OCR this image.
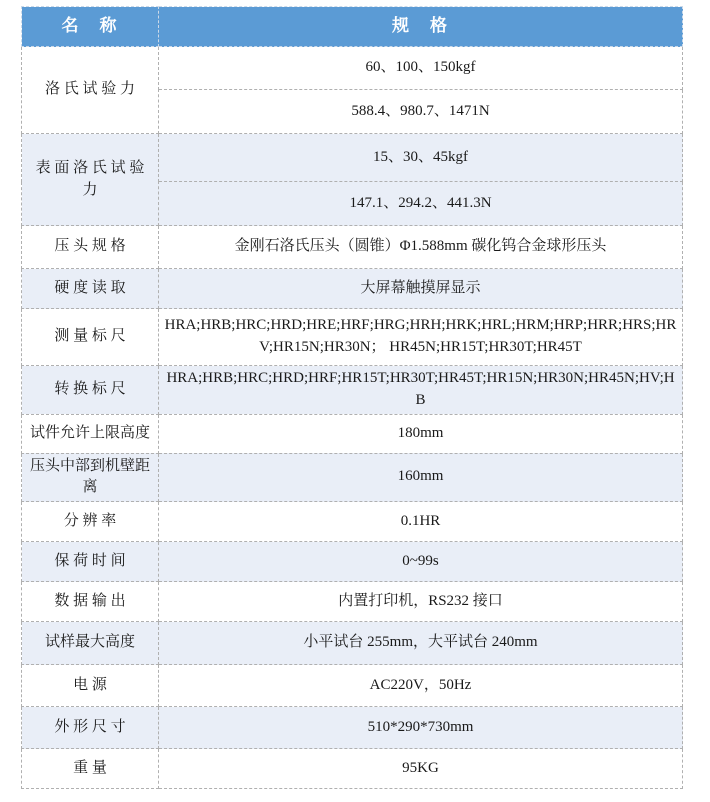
名　称	规　格
洛 氏 试 验 力	60、100、150kgf
	588.4、980.7、1471N
表 面 洛 氏 试 验 力	15、30、45kgf
	147.1、294.2、441.3N
压 头 规 格	金刚石洛氏压头（圆锥）Φ1.588mm 碳化钨合金球形压头
硬 度 读 取	大屏幕触摸屏显示
测 量 标 尺	HRA;HRB;HRC;HRD;HRE;HRF;HRG;HRH;HRK;HRL;HRM;HRP;HRR;HRS;HRV;HR15N;HR30N； HR45N;HR15T;HR30T;HR45T
转 换 标 尺	HRA;HRB;HRC;HRD;HRF;HR15T;HR30T;HR45T;HR15N;HR30N;HR45N;HV;HB
试件允许上限高度	180mm
压头中部到机壁距离	160mm
分 辨 率	0.1HR
保 荷 时 间	0~99s
数 据 输 出	内置打印机，RS232 接口
试样最大高度	小平试台 255mm，大平试台 240mm
电 源	AC220V，50Hz
外 形 尺 寸	510*290*730mm
重 量	95KG
